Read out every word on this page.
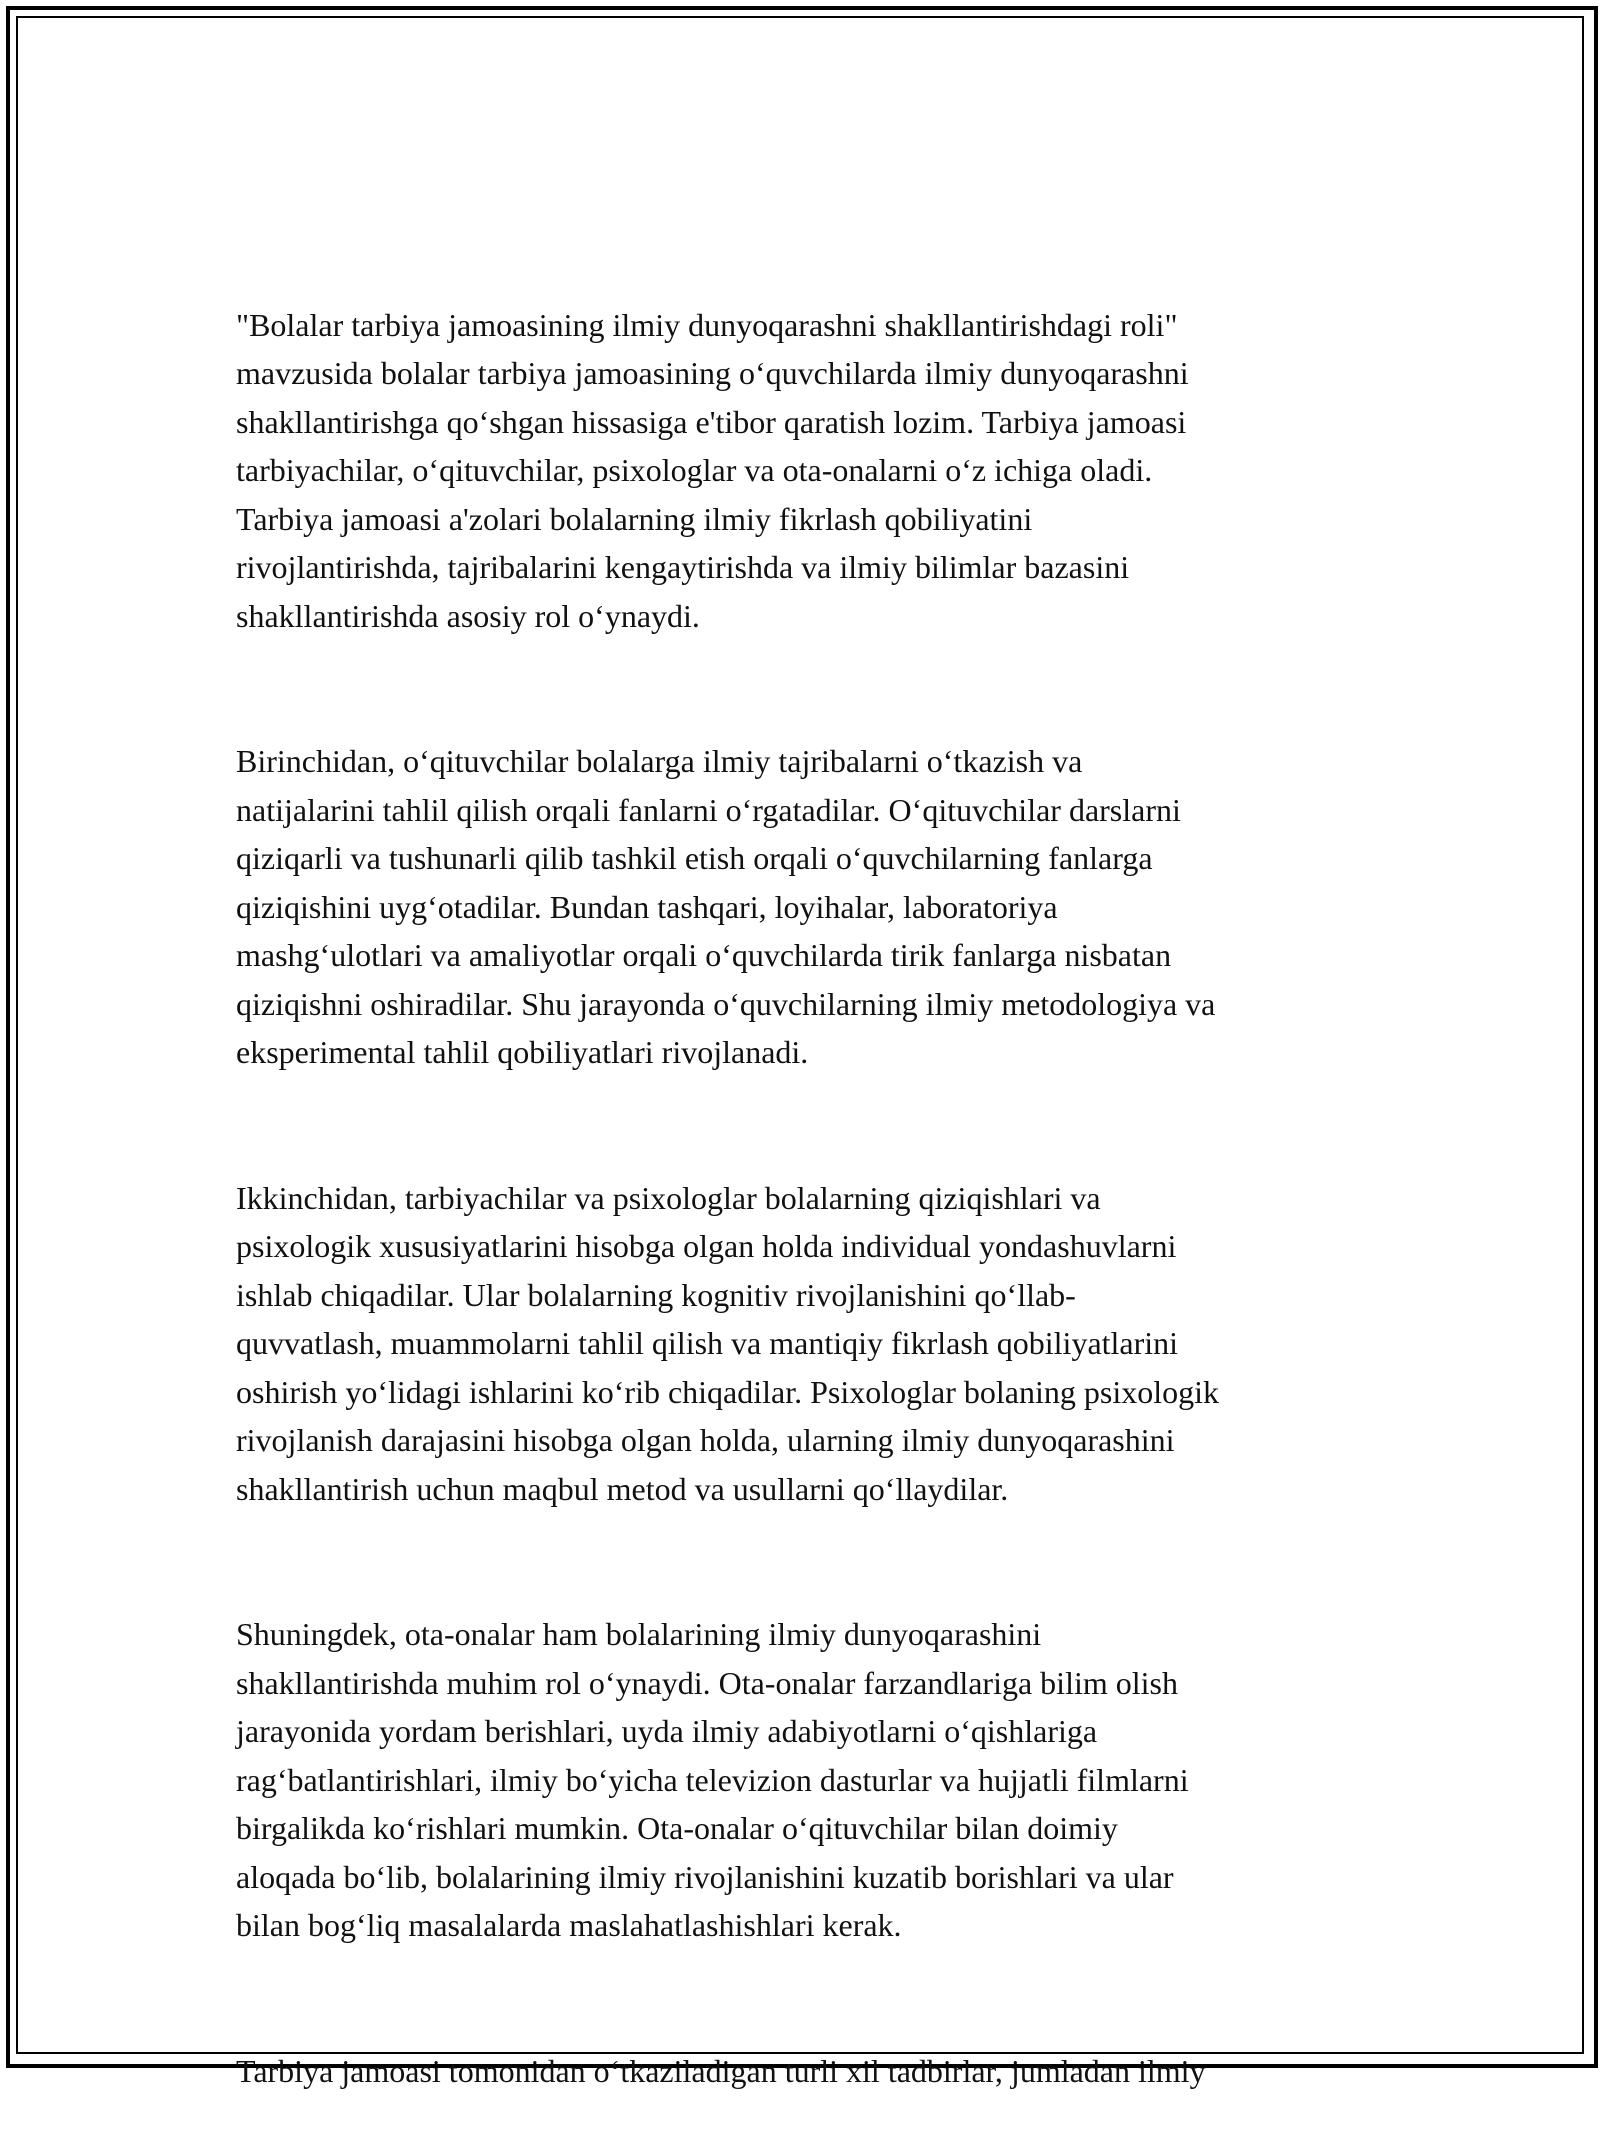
"Bolalar tarbiya jamoasining ilmiy dunyoqarashni shakllantirishdagi roli"
mavzusida bolalar tarbiya jamoasining o‘quvchilarda ilmiy dunyoqarashni
shakllantirishga qo‘shgan hissasiga e'tibor qaratish lozim. Tarbiya jamoasi
tarbiyachilar, o‘qituvchilar, psixologlar va ota-onalarni o‘z ichiga oladi.
Tarbiya jamoasi a'zolari bolalarning ilmiy fikrlash qobiliyatini
rivojlantirishda, tajribalarini kengaytirishda va ilmiy bilimlar bazasini
shakllantirishda asosiy rol o‘ynaydi.

Birinchidan, o‘qituvchilar bolalarga ilmiy tajribalarni o‘tkazish va
natijalarini tahlil qilish orqali fanlarni o‘rgatadilar. O‘qituvchilar darslarni
qiziqarli va tushunarli qilib tashkil etish orqali o‘quvchilarning fanlarga
qiziqishini uyg‘otadilar. Bundan tashqari, loyihalar, laboratoriya
mashg‘ulotlari va amaliyotlar orqali o‘quvchilarda tirik fanlarga nisbatan
qiziqishni oshiradilar. Shu jarayonda o‘quvchilarning ilmiy metodologiya va
eksperimental tahlil qobiliyatlari rivojlanadi.

Ikkinchidan, tarbiyachilar va psixologlar bolalarning qiziqishlari va
psixologik xususiyatlarini hisobga olgan holda individual yondashuvlarni
ishlab chiqadilar. Ular bolalarning kognitiv rivojlanishini qo‘llab-
quvvatlash, muammolarni tahlil qilish va mantiqiy fikrlash qobiliyatlarini
oshirish yo‘lidagi ishlarini ko‘rib chiqadilar. Psixologlar bolaning psixologik
rivojlanish darajasini hisobga olgan holda, ularning ilmiy dunyoqarashini
shakllantirish uchun maqbul metod va usullarni qo‘llaydilar.

Shuningdek, ota-onalar ham bolalarining ilmiy dunyoqarashini
shakllantirishda muhim rol o‘ynaydi. Ota-onalar farzandlariga bilim olish
jarayonida yordam berishlari, uyda ilmiy adabiyotlarni o‘qishlariga
rag‘batlantirishlari, ilmiy bo‘yicha televizion dasturlar va hujjatli filmlarni
birgalikda ko‘rishlari mumkin. Ota-onalar o‘qituvchilar bilan doimiy
aloqada bo‘lib, bolalarining ilmiy rivojlanishini kuzatib borishlari va ular
bilan bog‘liq masalalarda maslahatlashishlari kerak.

Tarbiya jamoasi tomonidan o‘tkaziladigan turli xil tadbirlar, jumladan ilmiy
